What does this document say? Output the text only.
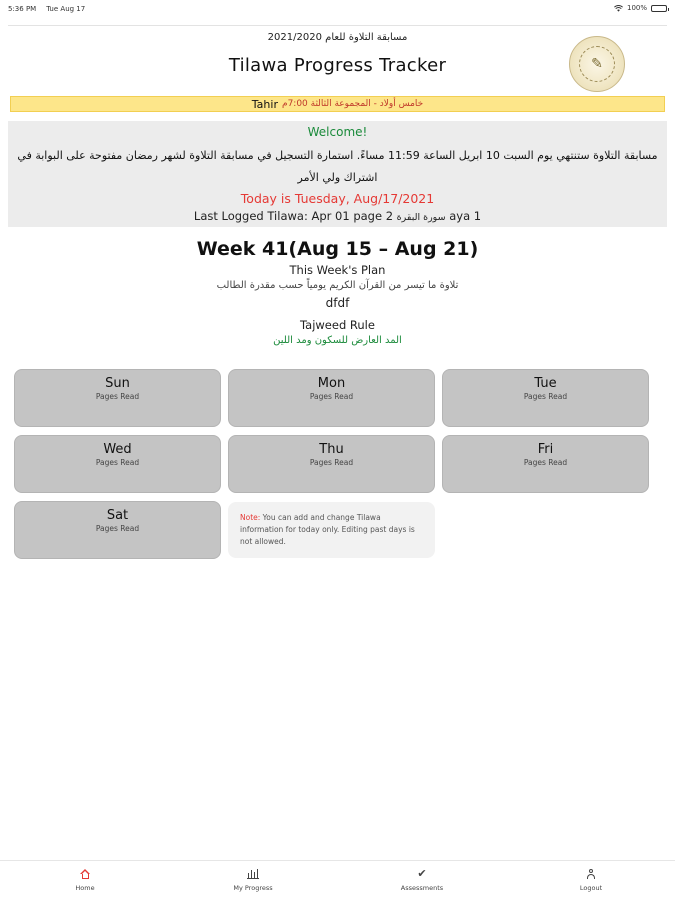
5:36 PM Tue Aug 17	100%
مسابقة التلاوة للعام 2021/2020
Tilawa Progress Tracker	✎
Tahir خامس أولاد - المجموعة الثالثة 7:00م
Welcome!
مسابقة التلاوة ستنتهي يوم السبت 10 ابريل الساعة 11:59 مساءً. استمارة التسجيل في مسابقة التلاوة لشهر رمضان مفتوحة على البوابة في اشتراك ولي الأمر
Today is Tuesday, Aug/17/2021
Last Logged Tilawa: Apr 01 page 2 سورة البقرة aya 1
Week 41(Aug 15 – Aug 21)
This Week's Plan
تلاوة ما تيسر من القرآن الكريم يومياً حسب مقدرة الطالب
dfdf
Tajweed Rule
المد العارض للسكون ومد اللين
Sun
Pages Read
Mon
Pages Read
Tue
Pages Read
Wed
Pages Read
Thu
Pages Read
Fri
Pages Read
Sat
Pages Read
Note: You can add and change Tilawa information for today only. Editing past days is not allowed.
Home	My Progress
✔
Assessments	Logout
